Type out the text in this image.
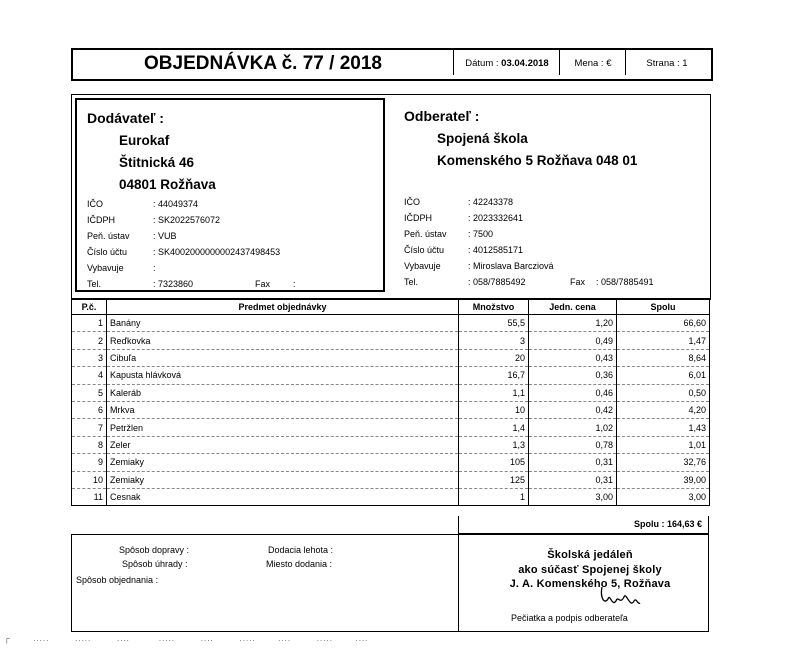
OBJEDNÁVKA č. 77 / 2018	Dátum : 03.04.2018	Mena : €	Strana : 1
Dodávateľ :
Eurokaf
Štitnická 46
04801 Rožňava
IČO	: 44049374
IČDPH	: SK2022576072
Peň. ústav	: VUB
Číslo účtu	: SK4002000000002437498453
Vybavuje	:
Tel.	: 7323860	Fax	:
Odberateľ :
Spojená škola
Komenského 5 Rožňava 048 01
IČO	: 42243378
IČDPH	: 2023332641
Peň. ústav : 7500
Číslo účtu	: 4012585171
Vybavuje	: Miroslava Barcziová
Tel.	: 058/7885492	Fax : 058/7885491
P.č.	Predmet objednávky	Množstvo	Jedn. cena	Spolu
1	Banány	55,5	1,20	66,60
2	Reďkovka	3	0,49	1,47
3	Cibuľa	20	0,43	8,64
4	Kapusta hlávková	16,7	0,36	6,01
5	Kaleráb	1,1	0,46	0,50
6	Mrkva	10	0,42	4,20
7	Petržlen	1,4	1,02	1,43
8	Zeler	1,3	0,78	1,01
9	Zemiaky	105	0,31	32,76
10	Zemiaky	125	0,31	39,00
11	Cesnak	1	3,00	3,00
Spolu : 164,63 €
Spôsob dopravy :
Spôsob úhrady :
Spôsob objednania :
Dodacia lehota :
Miesto dodania :
Školská jedáleň
ako súčasť Spojenej školy
J. A. Komenského 5, Rožňava
Pečiatka a podpis odberateľa
┌       .....        .....        ....         .....        ....        .....       ....        .....       ....
